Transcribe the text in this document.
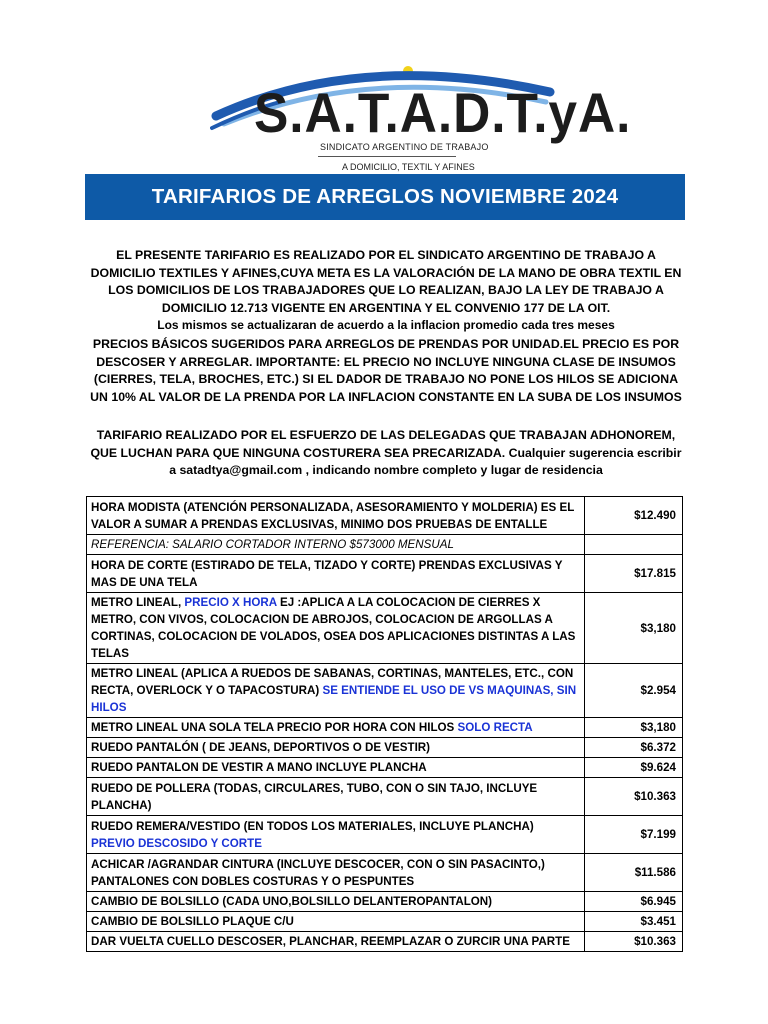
S.A.T.A.D.T.yA.
SINDICATO ARGENTINO DE TRABAJO
A DOMICILIO, TEXTIL Y AFINES
TARIFARIOS DE ARREGLOS NOVIEMBRE 2024
EL PRESENTE TARIFARIO ES REALIZADO POR EL SINDICATO ARGENTINO DE TRABAJO A DOMICILIO TEXTILES Y AFINES,CUYA META ES LA VALORACIÓN DE LA MANO DE OBRA TEXTIL EN LOS DOMICILIOS DE LOS TRABAJADORES QUE LO REALIZAN, BAJO LA LEY DE TRABAJO A DOMICILIO 12.713 VIGENTE EN ARGENTINA Y EL CONVENIO 177 DE LA OIT.
Los mismos se actualizaran de acuerdo a la inflacion promedio cada tres meses
PRECIOS BÁSICOS SUGERIDOS PARA ARREGLOS DE PRENDAS POR UNIDAD.EL PRECIO ES POR DESCOSER Y ARREGLAR. IMPORTANTE: EL PRECIO NO INCLUYE NINGUNA CLASE DE INSUMOS (CIERRES, TELA, BROCHES, ETC.) SI EL DADOR DE TRABAJO NO PONE LOS HILOS SE ADICIONA UN 10% AL VALOR DE LA PRENDA POR LA INFLACION CONSTANTE EN LA SUBA DE LOS INSUMOS
TARIFARIO REALIZADO POR EL ESFUERZO DE LAS DELEGADAS QUE TRABAJAN ADHONOREM, QUE LUCHAN PARA QUE NINGUNA COSTURERA SEA PRECARIZADA. Cualquier sugerencia escribir a satadtya@gmail.com , indicando nombre completo y lugar de residencia
HORA MODISTA (ATENCIÓN PERSONALIZADA, ASESORAMIENTO Y MOLDERIA) ES EL VALOR A SUMAR A PRENDAS EXCLUSIVAS, MINIMO DOS PRUEBAS DE ENTALLE	$12.490
REFERENCIA: SALARIO CORTADOR INTERNO $573000 MENSUAL	
HORA DE CORTE (ESTIRADO DE TELA, TIZADO Y CORTE) PRENDAS EXCLUSIVAS Y MAS DE UNA TELA	$17.815
METRO LINEAL, PRECIO X HORA EJ :APLICA A LA COLOCACION DE CIERRES X METRO, CON VIVOS, COLOCACION DE ABROJOS, COLOCACION DE ARGOLLAS A CORTINAS, COLOCACION DE VOLADOS, OSEA DOS APLICACIONES DISTINTAS A LAS TELAS	$3,180
METRO LINEAL (APLICA A RUEDOS DE SABANAS, CORTINAS, MANTELES, ETC., CON RECTA, OVERLOCK Y O TAPACOSTURA) SE ENTIENDE EL USO DE VS MAQUINAS, SIN HILOS	$2.954
METRO LINEAL UNA SOLA TELA PRECIO POR HORA CON HILOS SOLO RECTA	$3,180
RUEDO PANTALÓN ( DE JEANS, DEPORTIVOS O DE VESTIR)	$6.372
RUEDO PANTALON DE VESTIR A MANO INCLUYE PLANCHA	$9.624
RUEDO DE POLLERA (TODAS, CIRCULARES, TUBO, CON O SIN TAJO, INCLUYE PLANCHA)	$10.363
RUEDO REMERA/VESTIDO (EN TODOS LOS MATERIALES, INCLUYE PLANCHA) PREVIO DESCOSIDO Y CORTE	$7.199
ACHICAR /AGRANDAR CINTURA (INCLUYE DESCOCER, CON O SIN PASACINTO,) PANTALONES CON DOBLES COSTURAS Y O PESPUNTES	$11.586
CAMBIO DE BOLSILLO (CADA UNO,BOLSILLO DELANTEROPANTALON)	$6.945
CAMBIO DE BOLSILLO PLAQUE C/U	$3.451
DAR VUELTA CUELLO DESCOSER, PLANCHAR, REEMPLAZAR O ZURCIR UNA PARTE	$10.363
